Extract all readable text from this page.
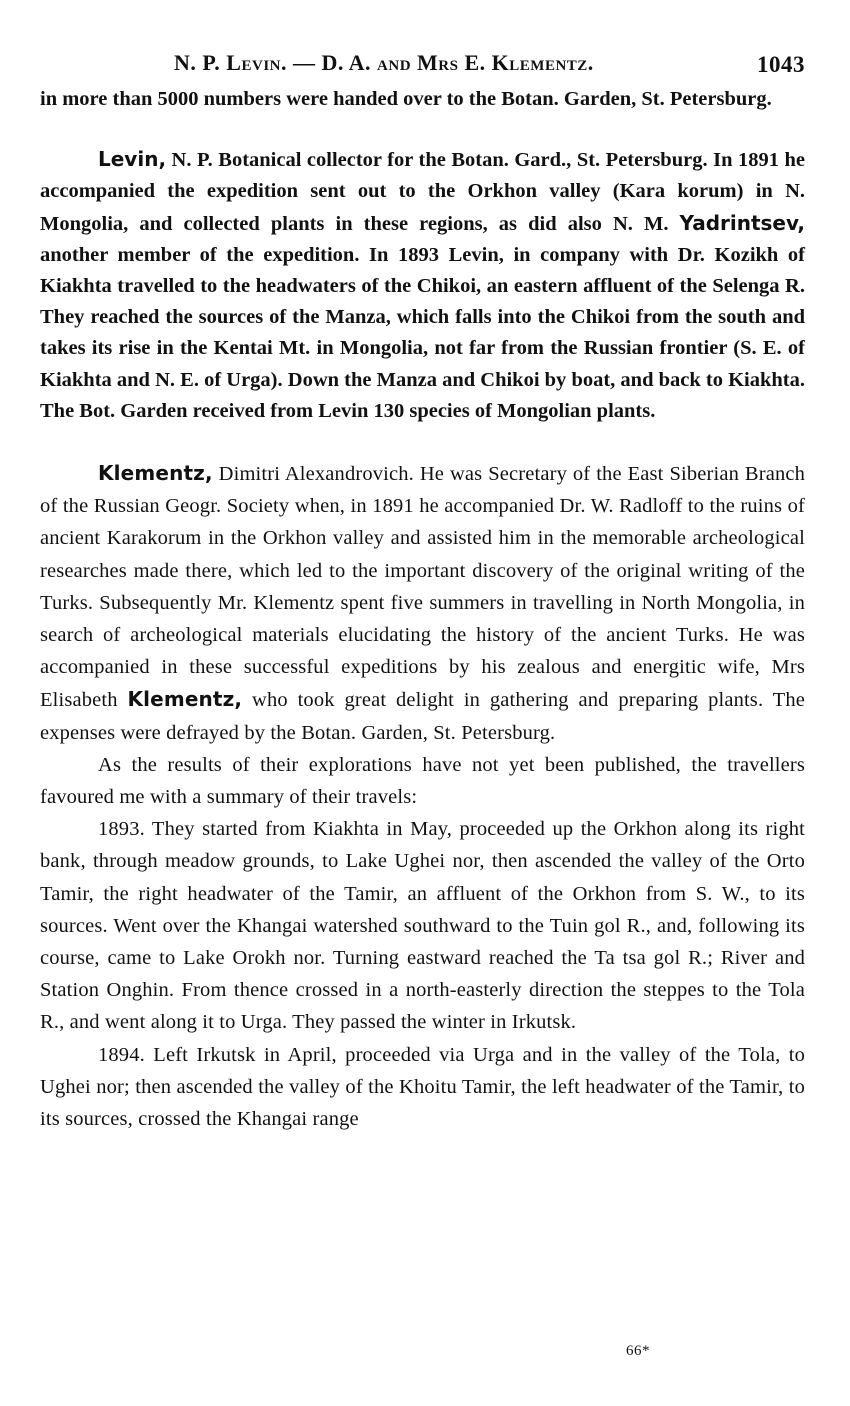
N. P. Levin. — D. A. and Mrs E. Klementz.	1043

in more than 5000 numbers were handed over to the Botan. Garden, St. Petersburg.

Levin, N. P. Botanical collector for the Botan. Gard., St. Petersburg. In 1891 he accompanied the expedition sent out to the Orkhon valley (Kara korum) in N. Mongolia, and collected plants in these regions, as did also N. M. Yadrintsev, another member of the expedition. In 1893 Levin, in company with Dr. Kozikh of Kiakhta travelled to the headwaters of the Chikoi, an eastern affluent of the Selenga R. They reached the sources of the Manza, which falls into the Chikoi from the south and takes its rise in the Kentai Mt. in Mongolia, not far from the Russian frontier (S. E. of Kiakhta and N. E. of Urga). Down the Manza and Chikoi by boat, and back to Kiakhta. The Bot. Garden received from Levin 130 species of Mongolian plants.

Klementz, Dimitri Alexandrovich. He was Secretary of the East Siberian Branch of the Russian Geogr. Society when, in 1891 he accompanied Dr. W. Radloff to the ruins of ancient Karakorum in the Orkhon valley and assisted him in the memorable archeological researches made there, which led to the important discovery of the original writing of the Turks. Subsequently Mr. Klementz spent five summers in travelling in North Mongolia, in search of archeological materials elucidating the history of the ancient Turks. He was accompanied in these successful expeditions by his zealous and energitic wife, Mrs Elisabeth Klementz, who took great delight in gathering and preparing plants. The expenses were defrayed by the Botan. Garden, St. Petersburg.

As the results of their explorations have not yet been published, the travellers favoured me with a summary of their travels:

1893. They started from Kiakhta in May, proceeded up the Orkhon along its right bank, through meadow grounds, to Lake Ughei nor, then ascended the valley of the Orto Tamir, the right headwater of the Tamir, an affluent of the Orkhon from S. W., to its sources. Went over the Khangai watershed southward to the Tuin gol R., and, following its course, came to Lake Orokh nor. Turning eastward reached the Ta tsa gol R.; River and Station Onghin. From thence crossed in a north-easterly direction the steppes to the Tola R., and went along it to Urga. They passed the winter in Irkutsk.

1894. Left Irkutsk in April, proceeded via Urga and in the valley of the Tola, to Ughei nor; then ascended the valley of the Khoitu Tamir, the left headwater of the Tamir, to its sources, crossed the Khangai range

66*
